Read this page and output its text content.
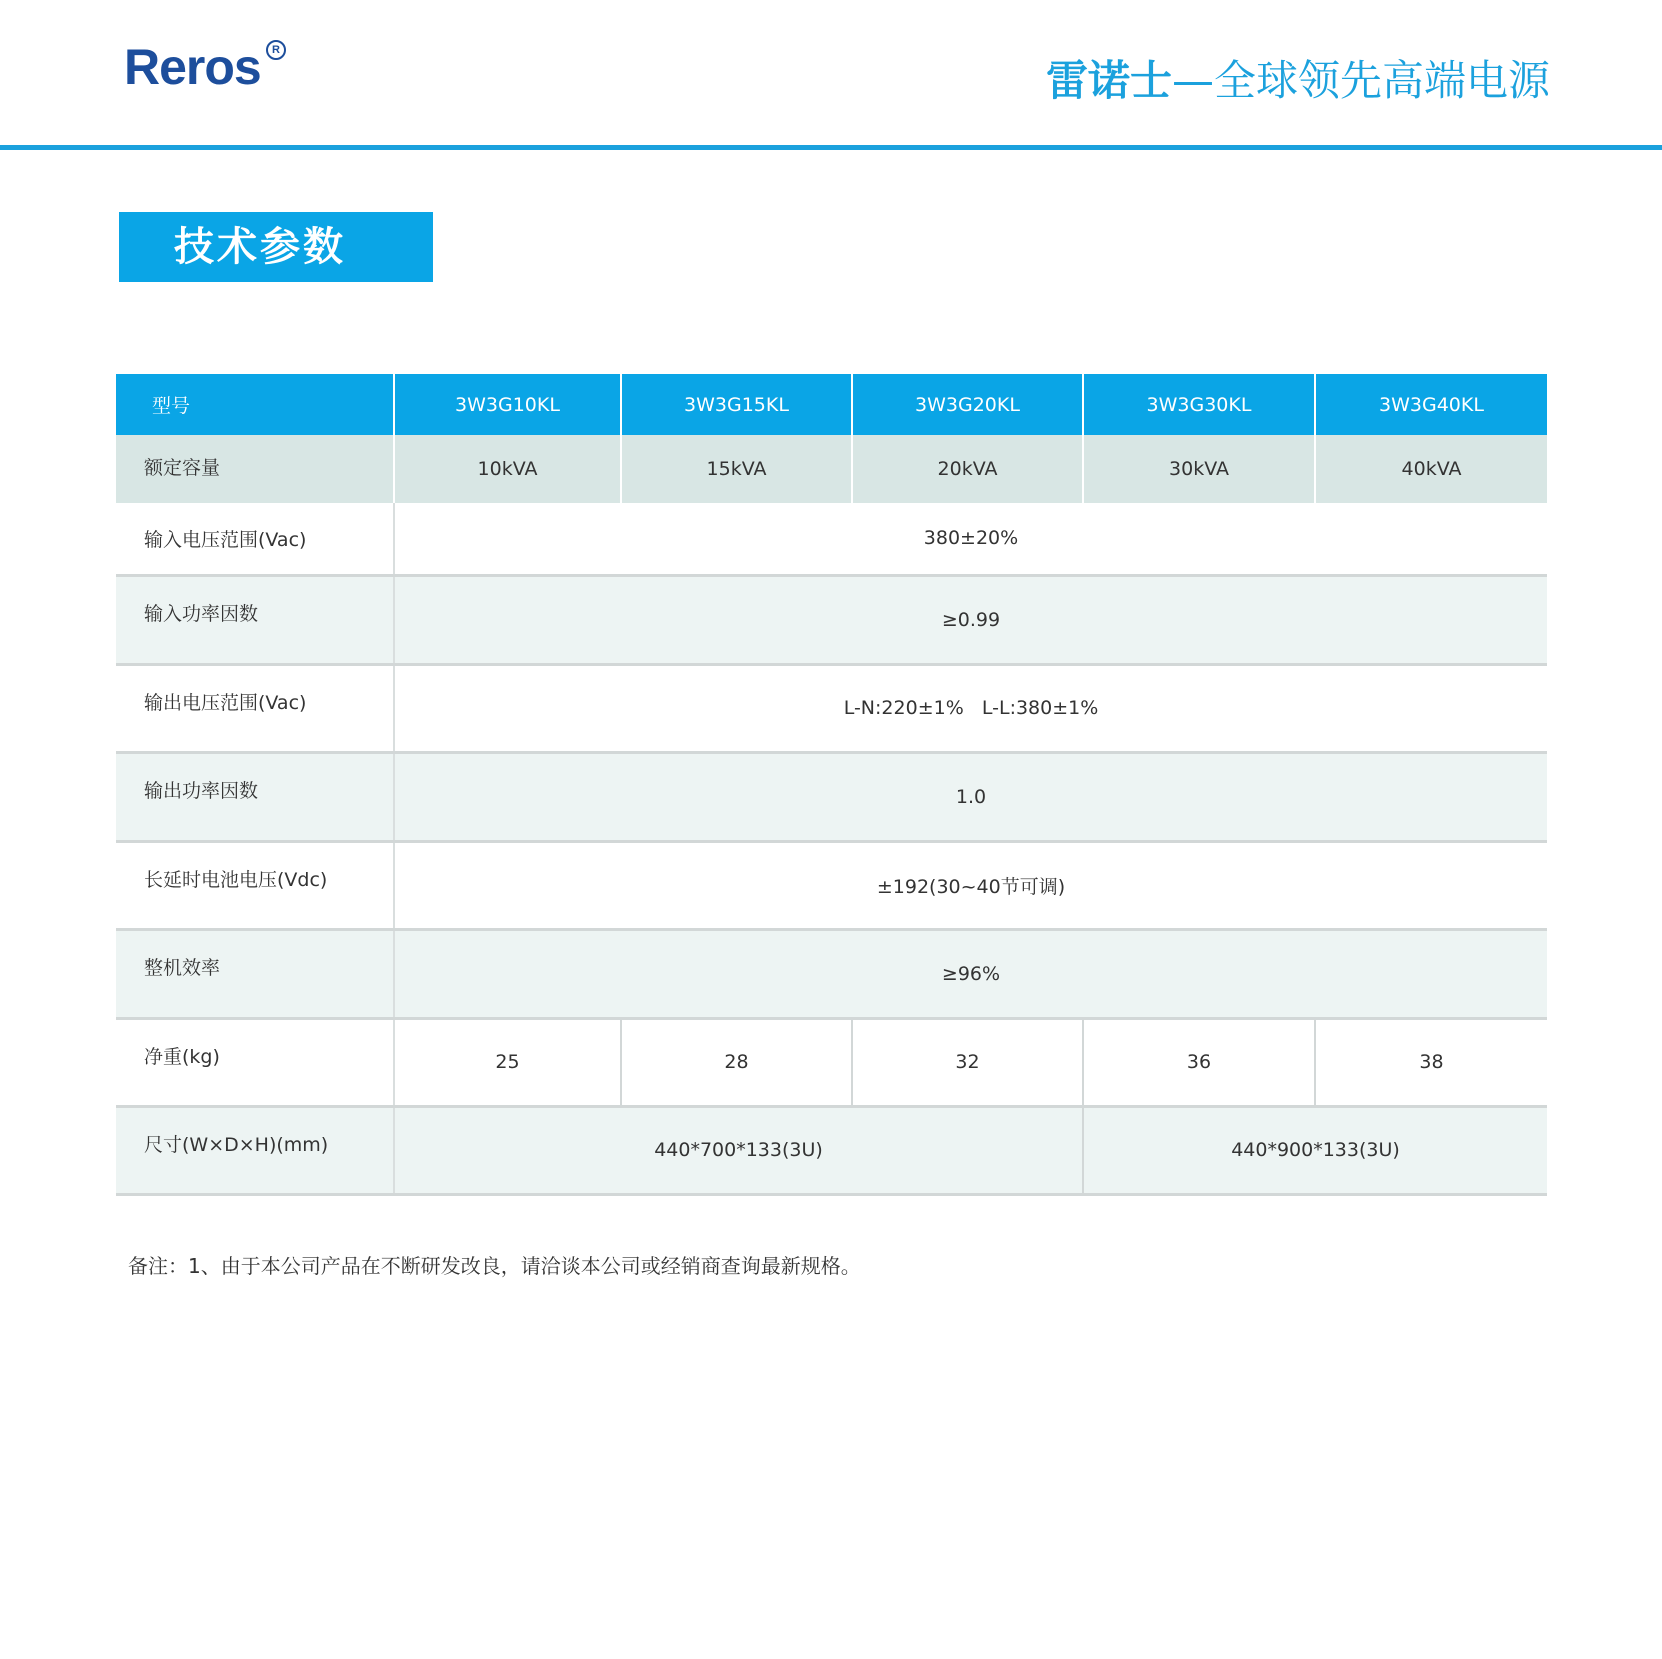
Reros	R
雷诺士—全球领先高端电源
技术参数
型号	3W3G10KL	3W3G15KL	3W3G20KL	3W3G30KL	3W3G40KL
额定容量	10kVA	15kVA	20kVA	30kVA	40kVA
输入电压范围(Vac)	380±20%				
输入功率因数	≥0.99				
输出电压范围(Vac)	L-N:220±1%   L-L:380±1%				
输出功率因数	1.0				
长延时电池电压(Vdc)	±192(30~40节可调)				
整机效率	≥96%				
净重(kg)	25	28	32	36	38
尺寸(W×D×H)(mm)	440*700*133(3U)			440*900*133(3U)	
备注：1、由于本公司产品在不断研发改良，请洽谈本公司或经销商查询最新规格。
